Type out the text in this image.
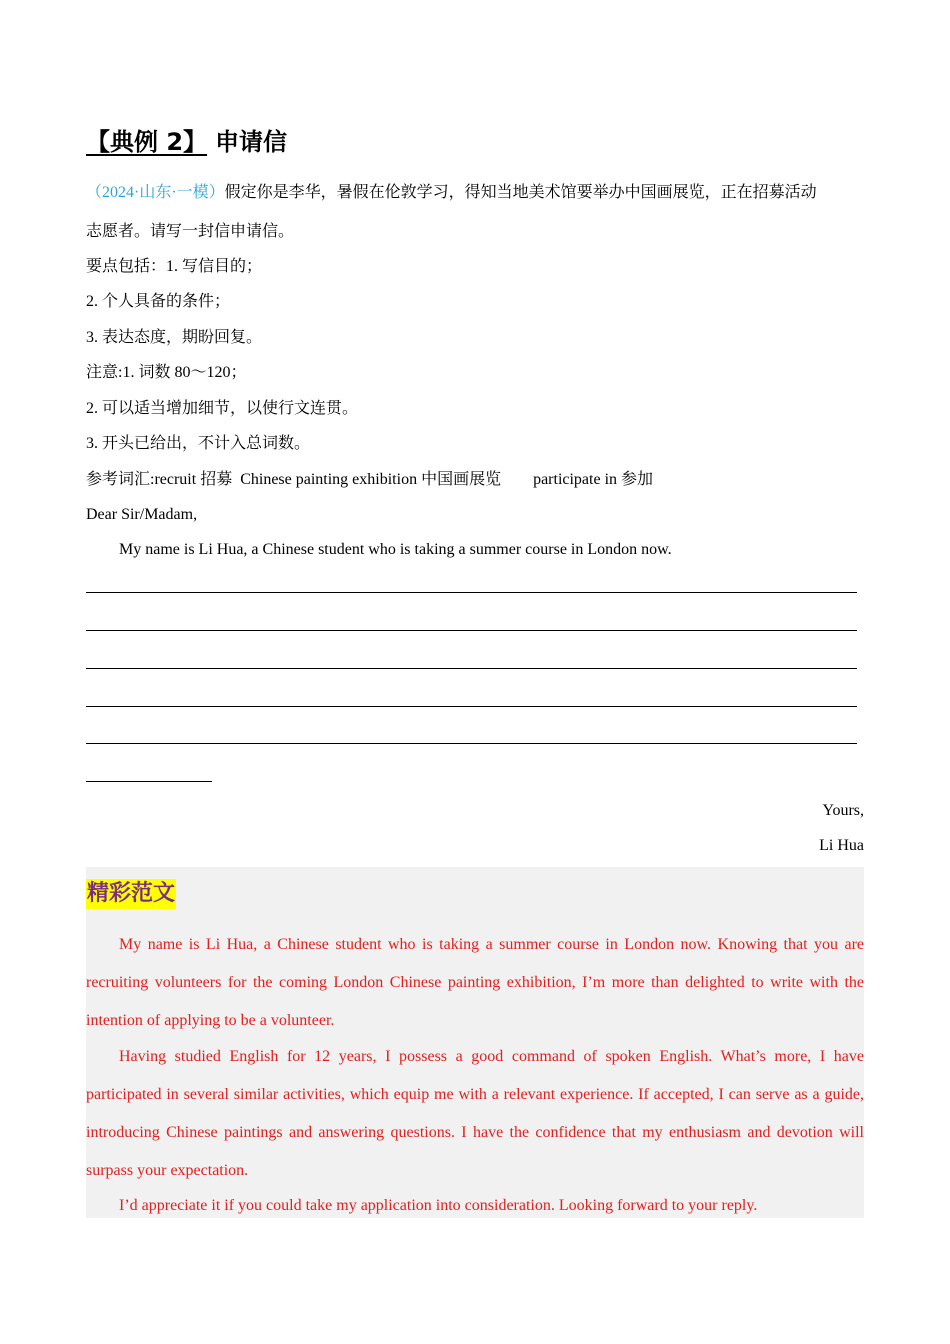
【典例 2】 申请信
（2024·山东·一模）假定你是李华，暑假在伦敦学习，得知当地美术馆要举办中国画展览，正在招募活动
志愿者。请写一封信申请信。
要点包括：1. 写信目的；
2. 个人具备的条件；
3. 表达态度，期盼回复。
注意:1. 词数 80～120；
2. 可以适当增加细节，以使行文连贯。
3. 开头已给出，不计入总词数。
参考词汇:recruit 招募  Chinese painting exhibition 中国画展览        participate in 参加
Dear Sir/Madam,
My name is Li Hua, a Chinese student who is taking a summer course in London now.
Yours,
Li Hua
精彩范文
My name is Li Hua, a Chinese student who is taking a summer course in London now. Knowing that you are recruiting volunteers for the coming London Chinese painting exhibition, I’m more than delighted to write with the intention of applying to be a volunteer.
Having studied English for 12 years, I possess a good command of spoken English. What’s more, I have participated in several similar activities, which equip me with a relevant experience. If accepted, I can serve as a guide, introducing Chinese paintings and answering questions. I have the confidence that my enthusiasm and devotion will surpass your expectation.
I’d appreciate it if you could take my application into consideration. Looking forward to your reply.
